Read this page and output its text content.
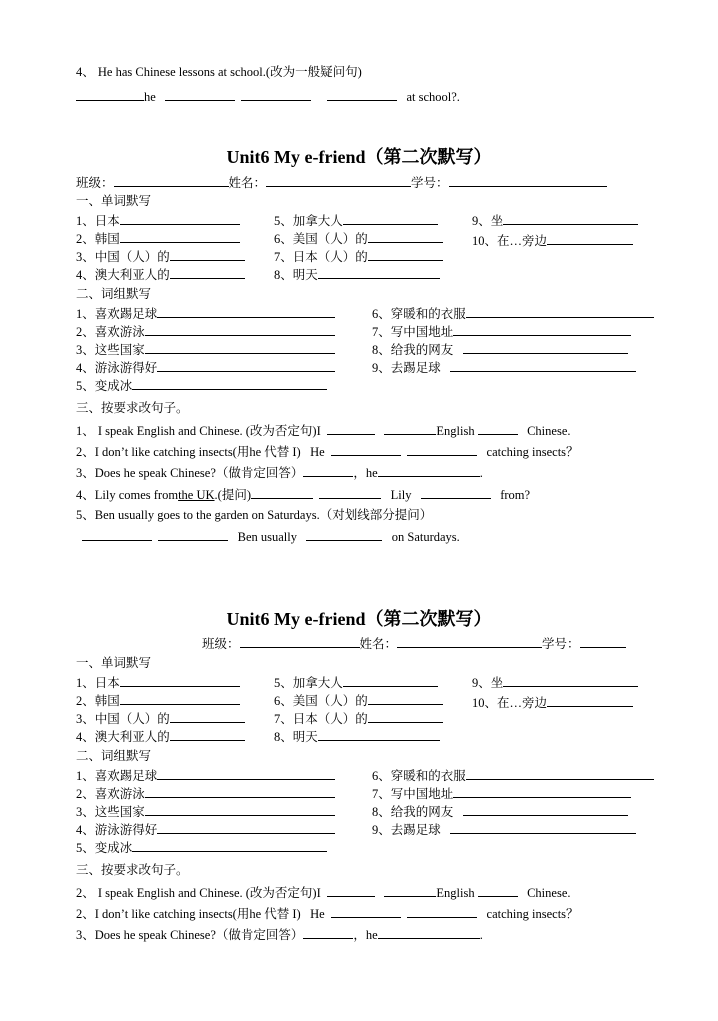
4、 He has Chinese lessons at school.(改为一般疑问句)
he	at school?.
Unit6 My e-friend（第二次默写）
班级：	姓名：	学号：
一、单词默写
1、日本
2、韩国
3、中国（人）的
4、澳大利亚人的
5、加拿大人
6、美国（人）的
7、日本（人）的
8、明天
9、坐
10、在…旁边
二、词组默写
1、喜欢踢足球
2、喜欢游泳
3、这些国家
4、游泳游得好
5、变成冰
6、穿暖和的衣服
7、写中国地址
8、给我的网友
9、去踢足球
三、按要求改句子。
1、 I speak English and Chinese. (改为否定句)I	English	Chinese.
2、I don’t like catching insects(用he 代替 I) He	catching insects？
3、Does he speak Chinese?（做肯定回答）	，he	.
4、Lily comes fromthe UK.(提问)	Lily	from?
5、Ben usually goes to the garden on Saturdays.（对划线部分提问）
Ben usually	on Saturdays.
Unit6 My e-friend（第二次默写）
班级：	姓名：	学号：
一、单词默写
1、日本
2、韩国
3、中国（人）的
4、澳大利亚人的
5、加拿大人
6、美国（人）的
7、日本（人）的
8、明天
9、坐
10、在…旁边
二、词组默写
1、喜欢踢足球
2、喜欢游泳
3、这些国家
4、游泳游得好
5、变成冰
6、穿暖和的衣服
7、写中国地址
8、给我的网友
9、去踢足球
三、按要求改句子。
2、 I speak English and Chinese. (改为否定句)I	English	Chinese.
2、I don’t like catching insects(用he 代替 I) He	catching insects？
3、Does he speak Chinese?（做肯定回答）	，he	.
